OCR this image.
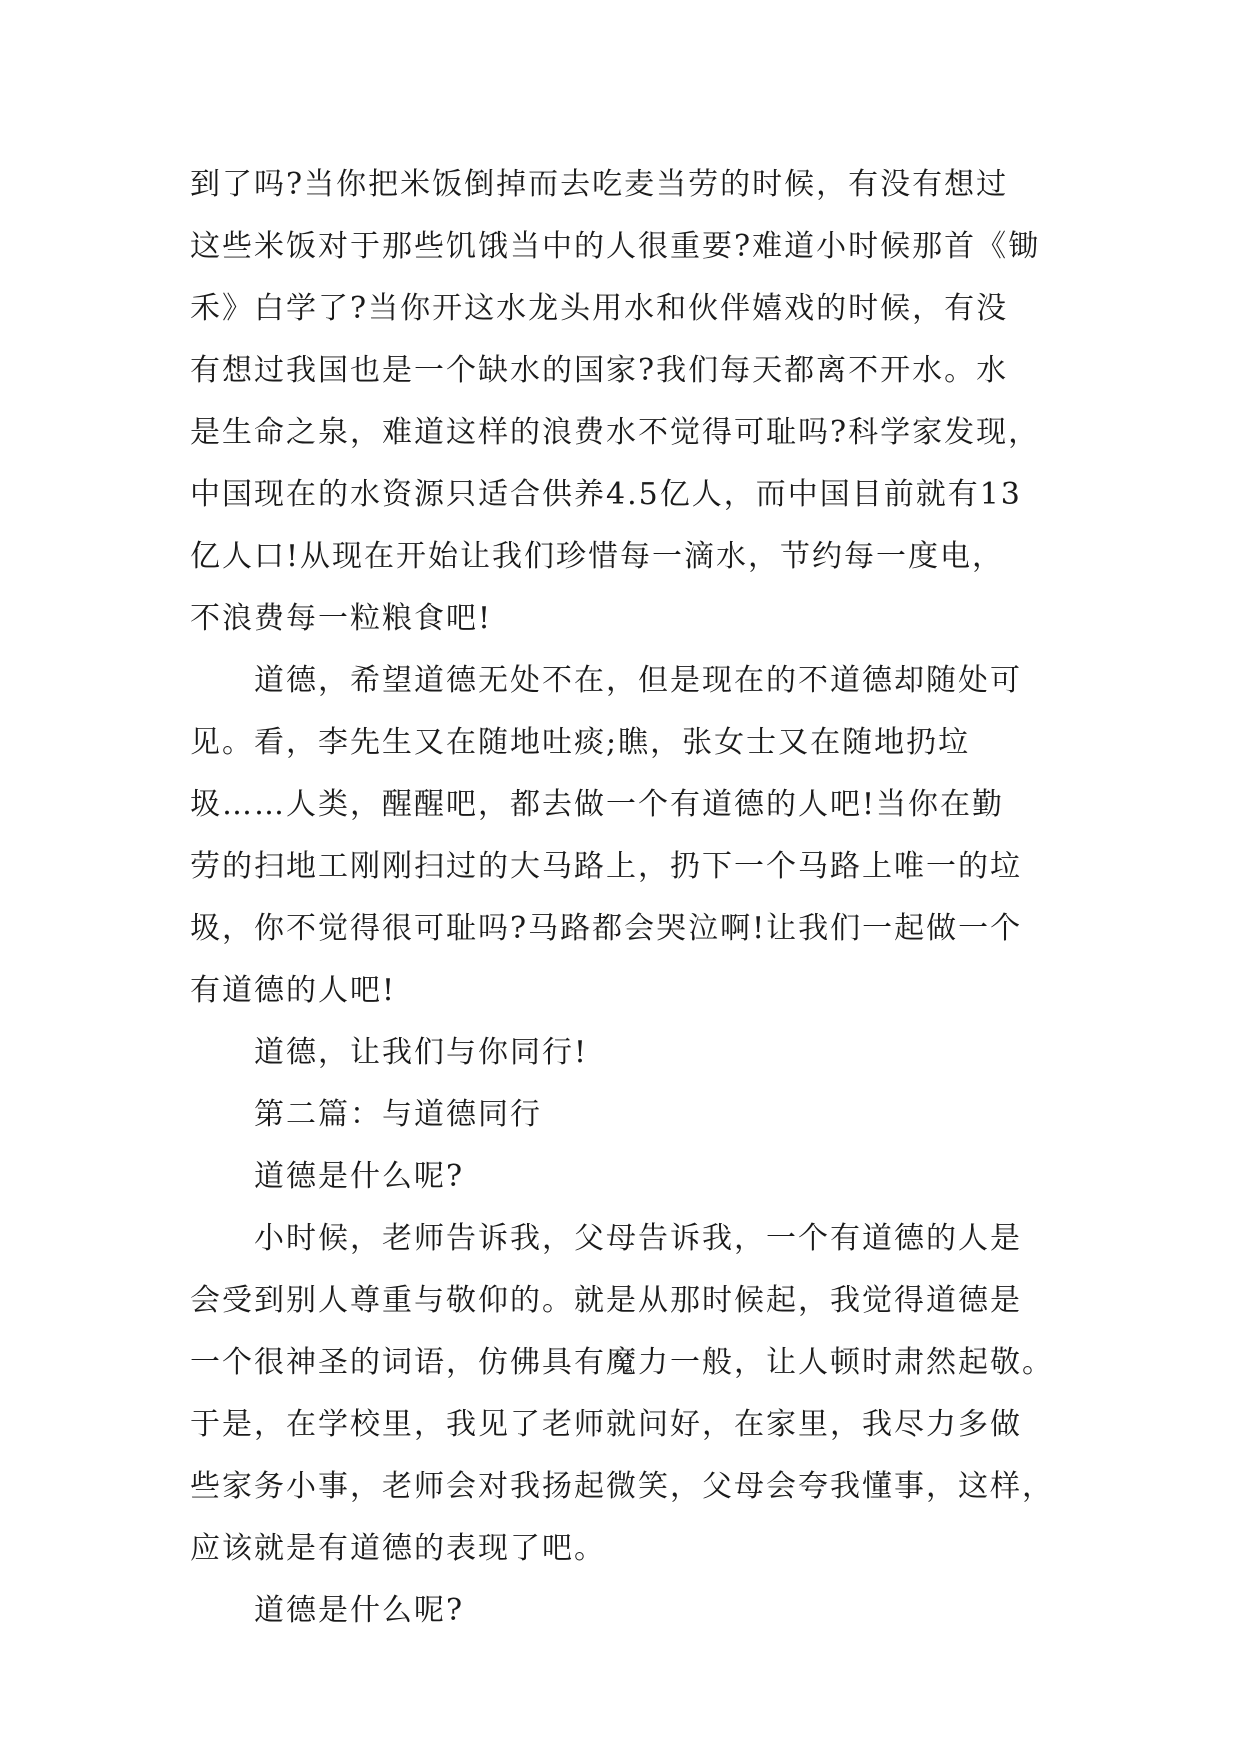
到了吗?当你把米饭倒掉而去吃麦当劳的时候，有没有想过
这些米饭对于那些饥饿当中的人很重要?难道小时候那首《锄
禾》白学了?当你开这水龙头用水和伙伴嬉戏的时候，有没
有想过我国也是一个缺水的国家?我们每天都离不开水。水
是生命之泉，难道这样的浪费水不觉得可耻吗?科学家发现，
中国现在的水资源只适合供养4.5亿人，而中国目前就有13
亿人口!从现在开始让我们珍惜每一滴水，节约每一度电，
不浪费每一粒粮食吧!
道德，希望道德无处不在，但是现在的不道德却随处可
见。看，李先生又在随地吐痰;瞧，张女士又在随地扔垃
圾……人类，醒醒吧，都去做一个有道德的人吧!当你在勤
劳的扫地工刚刚扫过的大马路上，扔下一个马路上唯一的垃
圾，你不觉得很可耻吗?马路都会哭泣啊!让我们一起做一个
有道德的人吧!
道德，让我们与你同行!
第二篇：与道德同行
道德是什么呢?
小时候，老师告诉我，父母告诉我，一个有道德的人是
会受到别人尊重与敬仰的。就是从那时候起，我觉得道德是
一个很神圣的词语，仿佛具有魔力一般，让人顿时肃然起敬。
于是，在学校里，我见了老师就问好，在家里，我尽力多做
些家务小事，老师会对我扬起微笑，父母会夸我懂事，这样，
应该就是有道德的表现了吧。
道德是什么呢?
